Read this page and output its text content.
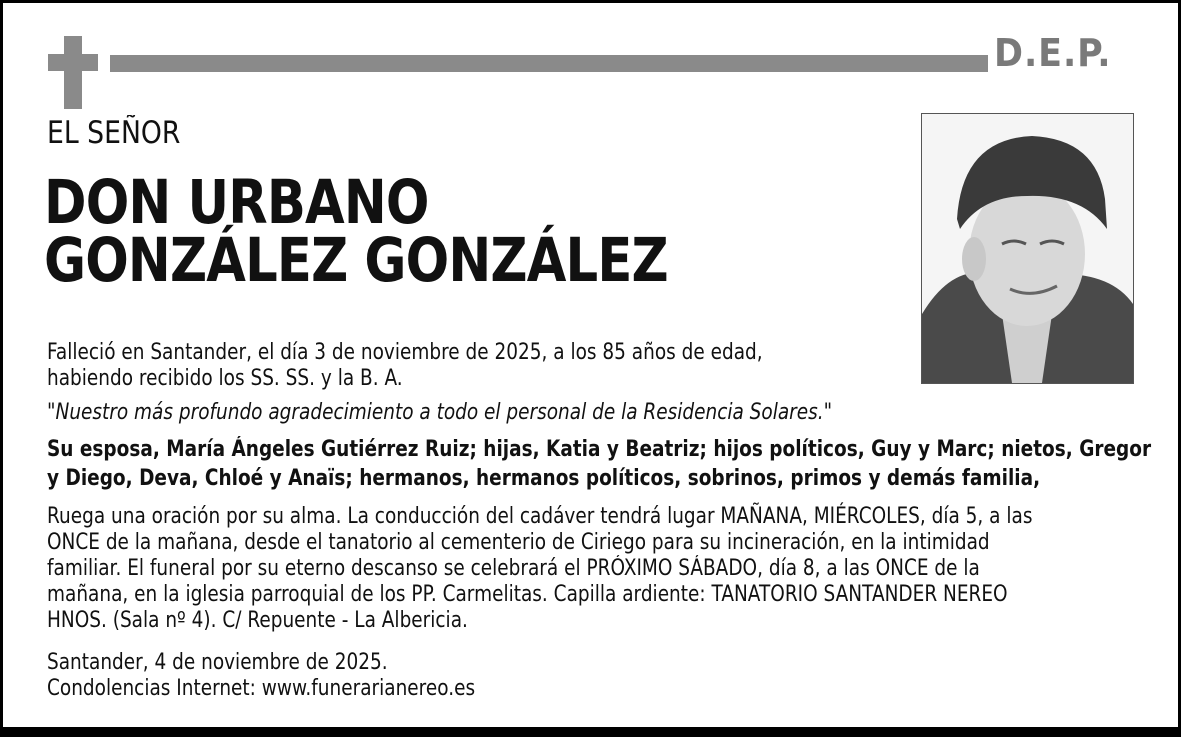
D.E.P.
EL SEÑOR
DON URBANO
GONZÁLEZ GONZÁLEZ
Falleció en Santander, el día 3 de noviembre de 2025, a los 85 años de edad,
habiendo recibido los SS. SS. y la B. A.
"Nuestro más profundo agradecimiento a todo el personal de la Residencia Solares."
Su esposa, María Ángeles Gutiérrez Ruiz; hijas, Katia y Beatriz; hijos políticos, Guy y Marc; nietos, Gregor
y Diego, Deva, Chloé y Anaïs; hermanos, hermanos políticos, sobrinos, primos y demás familia,
Ruega una oración por su alma. La conducción del cadáver tendrá lugar MAÑANA, MIÉRCOLES, día 5, a las
ONCE de la mañana, desde el tanatorio al cementerio de Ciriego para su incineración, en la intimidad
familiar. El funeral por su eterno descanso se celebrará el PRÓXIMO SÁBADO, día 8, a las ONCE de la
mañana, en la iglesia parroquial de los PP. Carmelitas. Capilla ardiente: TANATORIO SANTANDER NEREO
HNOS. (Sala nº 4). C/ Repuente - La Albericia.
Santander, 4 de noviembre de 2025.
Condolencias Internet: www.funerarianereo.es
